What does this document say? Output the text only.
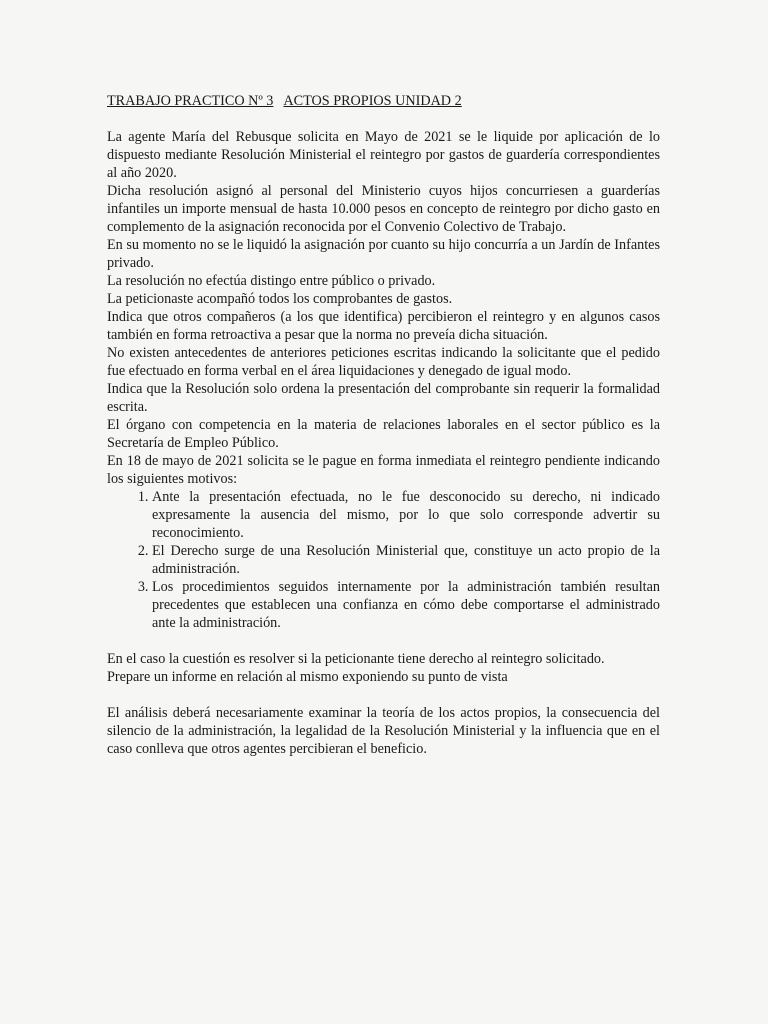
TRABAJO PRACTICO Nº 3 ACTOS PROPIOS UNIDAD 2

La agente María del Rebusque solicita en Mayo de 2021 se le liquide por aplicación de lo dispuesto mediante Resolución Ministerial el reintegro por gastos de guardería correspondientes al año 2020.

Dicha resolución asignó al personal del Ministerio cuyos hijos concurriesen a guarderías infantiles un importe mensual de hasta 10.000 pesos en concepto de reintegro por dicho gasto en complemento de la asignación reconocida por el Convenio Colectivo de Trabajo.

En su momento no se le liquidó la asignación por cuanto su hijo concurría a un Jardín de Infantes privado.

La resolución no efectúa distingo entre público o privado.

La peticionaste acompañó todos los comprobantes de gastos.

Indica que otros compañeros (a los que identifica) percibieron el reintegro y en algunos casos también en forma retroactiva a pesar que la norma no preveía dicha situación.

No existen antecedentes de anteriores peticiones escritas indicando la solicitante que el pedido fue efectuado en forma verbal en el área liquidaciones y denegado de igual modo.

Indica que la Resolución solo ordena la presentación del comprobante sin requerir la formalidad escrita.

El órgano con competencia en la materia de relaciones laborales en el sector público es la Secretaría de Empleo Público.

En 18 de mayo de 2021 solicita se le pague en forma inmediata el reintegro pendiente indicando los siguientes motivos:

1. Ante la presentación efectuada, no le fue desconocido su derecho, ni indicado expresamente la ausencia del mismo, por lo que solo corresponde advertir su reconocimiento.
2. El Derecho surge de una Resolución Ministerial que, constituye un acto propio de la administración.
3. Los procedimientos seguidos internamente por la administración también resultan precedentes que establecen una confianza en cómo debe comportarse el administrado ante la administración.

En el caso la cuestión es resolver si la peticionante tiene derecho al reintegro solicitado.

Prepare un informe en relación al mismo exponiendo su punto de vista

El análisis deberá necesariamente examinar la teoría de los actos propios, la consecuencia del silencio de la administración, la legalidad de la Resolución Ministerial y la influencia que en el caso conlleva que otros agentes percibieran el beneficio.
